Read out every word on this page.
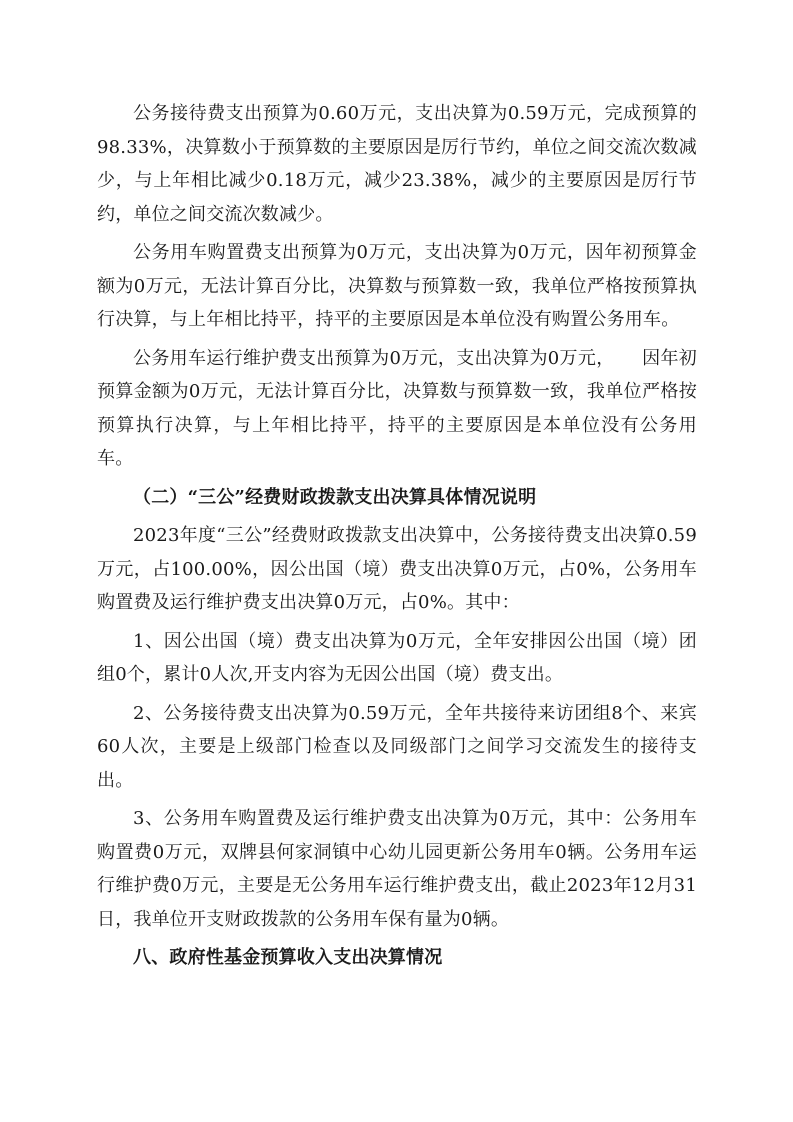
公务接待费支出预算为0.60万元，支出决算为0.59万元，完成预算的98.33%，决算数小于预算数的主要原因是厉行节约，单位之间交流次数减少，与上年相比减少0.18万元，减少23.38%，减少的主要原因是厉行节约，单位之间交流次数减少。

公务用车购置费支出预算为0万元，支出决算为0万元，因年初预算金额为0万元，无法计算百分比，决算数与预算数一致，我单位严格按预算执行决算，与上年相比持平，持平的主要原因是本单位没有购置公务用车。

公务用车运行维护费支出预算为0万元，支出决算为0万元，　　因年初预算金额为0万元，无法计算百分比，决算数与预算数一致，我单位严格按预算执行决算，与上年相比持平，持平的主要原因是本单位没有公务用车。

（二）“三公”经费财政拨款支出决算具体情况说明

2023年度“三公”经费财政拨款支出决算中，公务接待费支出决算0.59万元，占100.00%，因公出国（境）费支出决算0万元，占0%，公务用车购置费及运行维护费支出决算0万元，占0%。其中：

1、因公出国（境）费支出决算为0万元，全年安排因公出国（境）团组0个，累计0人次,开支内容为无因公出国（境）费支出。

2、公务接待费支出决算为0.59万元，全年共接待来访团组8个、来宾60人次，主要是上级部门检查以及同级部门之间学习交流发生的接待支出。

3、公务用车购置费及运行维护费支出决算为0万元，其中：公务用车购置费0万元，双牌县何家洞镇中心幼儿园更新公务用车0辆。公务用车运行维护费0万元，主要是无公务用车运行维护费支出，截止2023年12月31日，我单位开支财政拨款的公务用车保有量为0辆。

八、政府性基金预算收入支出决算情况
